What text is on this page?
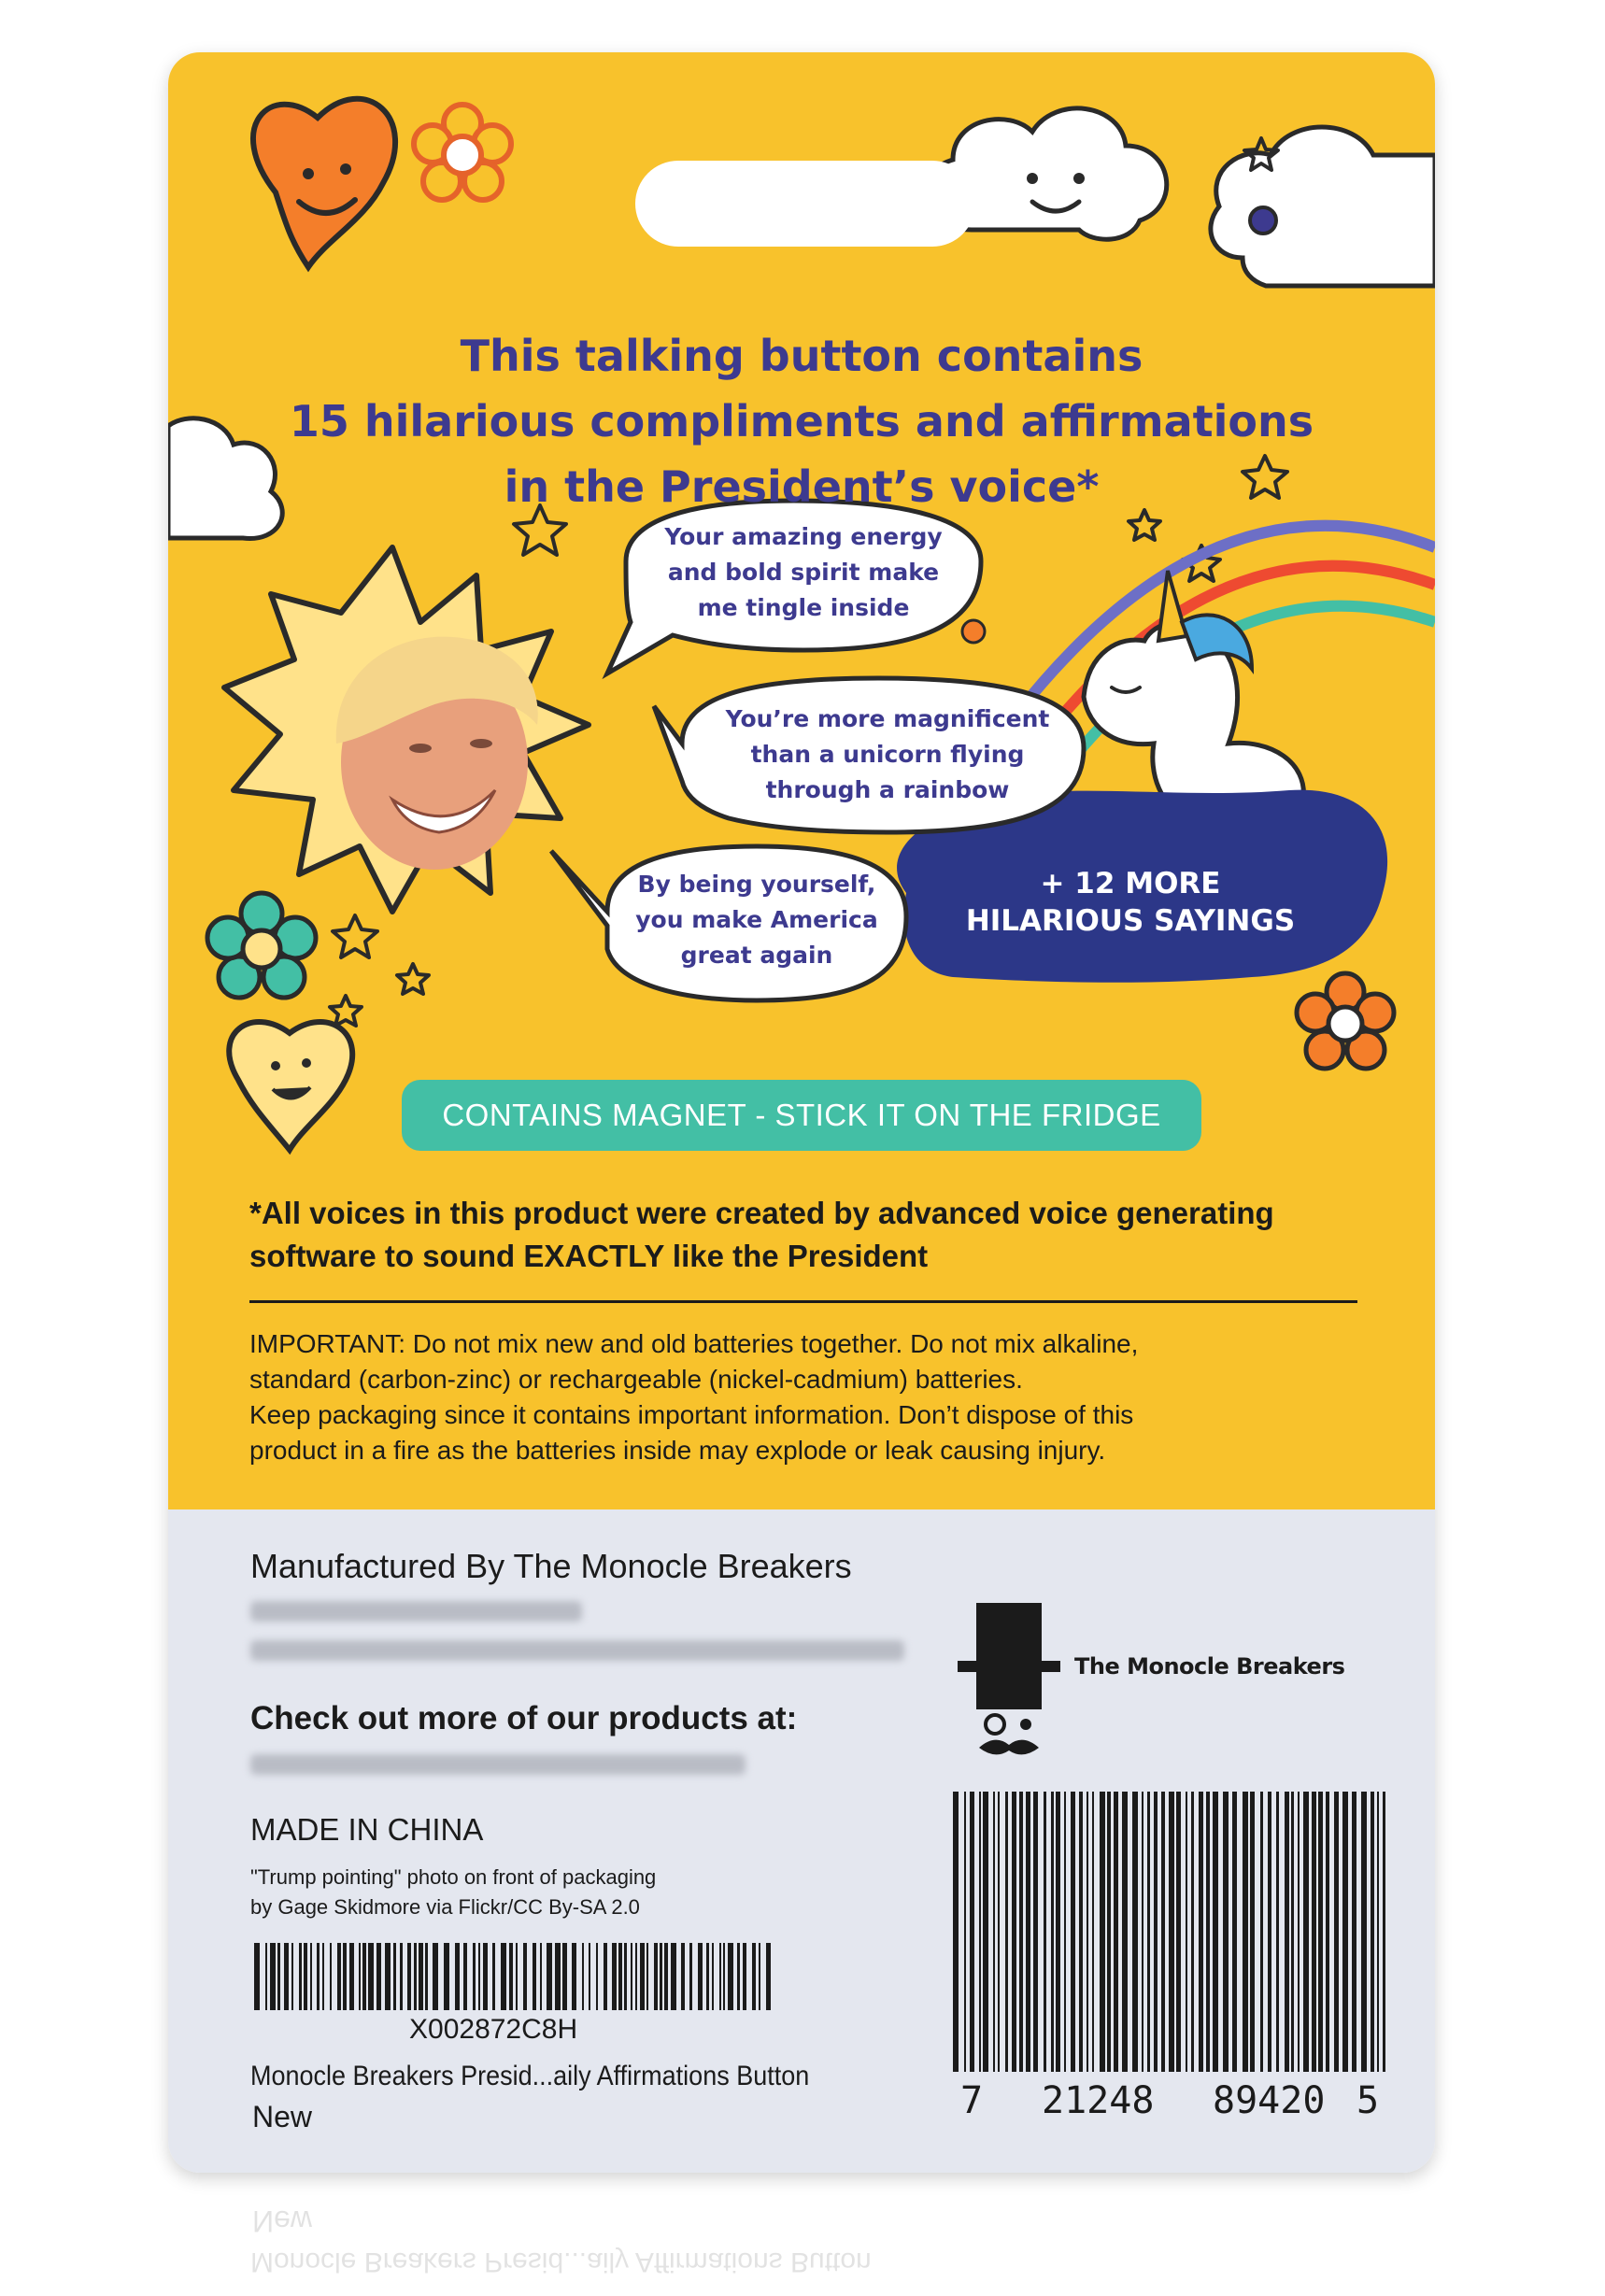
This talking button contains
15 hilarious compliments and affirmations
in the President’s voice*
Your amazing energy
and bold spirit make
me tingle inside
You’re more magnificent
than a unicorn flying
through a rainbow
By being yourself,
you make America
great again
+ 12 MORE
HILARIOUS SAYINGS
CONTAINS MAGNET - STICK IT ON THE FRIDGE
*All voices in this product were created by advanced voice generating
software to sound EXACTLY like the President
IMPORTANT: Do not mix new and old batteries together. Do not mix alkaline,
standard (carbon-zinc) or rechargeable (nickel-cadmium) batteries.
Keep packaging since it contains important information. Don’t dispose of this
product in a fire as the batteries inside may explode or leak causing injury.
Manufactured By The Monocle Breakers
Check out more of our products at:
MADE IN CHINA
"Trump pointing" photo on front of packaging
by Gage Skidmore via Flickr/CC By-SA 2.0
X002872C8H
Monocle Breakers Presid...aily Affirmations Button
New
The Monocle Breakers
7 21248 89420 5
Monocle Breakers Presid...aily Affirmations Button
New
